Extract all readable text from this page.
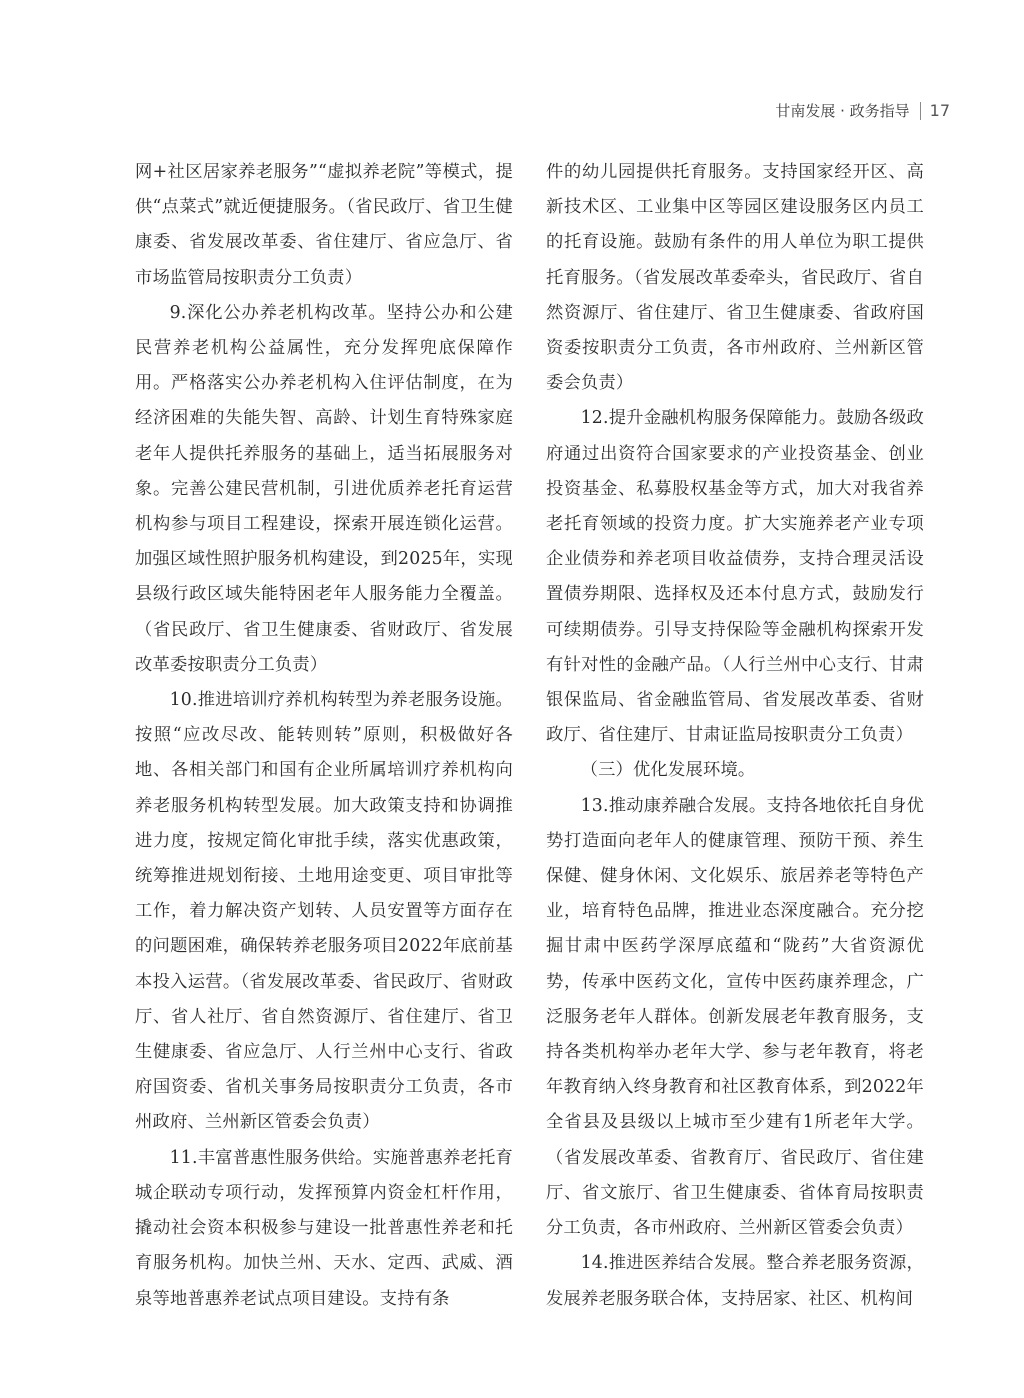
甘南发展 · 政务指导 17

网+社区居家养老服务”“虚拟养老院”等模式，提供“点菜式”就近便捷服务。（省民政厅、省卫生健康委、省发展改革委、省住建厅、省应急厅、省市场监管局按职责分工负责）

9.深化公办养老机构改革。坚持公办和公建民营养老机构公益属性，充分发挥兜底保障作用。严格落实公办养老机构入住评估制度，在为经济困难的失能失智、高龄、计划生育特殊家庭老年人提供托养服务的基础上，适当拓展服务对象。完善公建民营机制，引进优质养老托育运营机构参与项目工程建设，探索开展连锁化运营。加强区域性照护服务机构建设，到2025年，实现县级行政区域失能特困老年人服务能力全覆盖。（省民政厅、省卫生健康委、省财政厅、省发展改革委按职责分工负责）

10.推进培训疗养机构转型为养老服务设施。按照“应改尽改、能转则转”原则，积极做好各地、各相关部门和国有企业所属培训疗养机构向养老服务机构转型发展。加大政策支持和协调推进力度，按规定简化审批手续，落实优惠政策，统筹推进规划衔接、土地用途变更、项目审批等工作，着力解决资产划转、人员安置等方面存在的问题困难，确保转养老服务项目2022年底前基本投入运营。（省发展改革委、省民政厅、省财政厅、省人社厅、省自然资源厅、省住建厅、省卫生健康委、省应急厅、人行兰州中心支行、省政府国资委、省机关事务局按职责分工负责，各市州政府、兰州新区管委会负责）

11.丰富普惠性服务供给。实施普惠养老托育城企联动专项行动，发挥预算内资金杠杆作用，撬动社会资本积极参与建设一批普惠性养老和托育服务机构。加快兰州、天水、定西、武威、酒泉等地普惠养老试点项目建设。支持有条

件的幼儿园提供托育服务。支持国家经开区、高新技术区、工业集中区等园区建设服务区内员工的托育设施。鼓励有条件的用人单位为职工提供托育服务。（省发展改革委牵头，省民政厅、省自然资源厅、省住建厅、省卫生健康委、省政府国资委按职责分工负责，各市州政府、兰州新区管委会负责）

12.提升金融机构服务保障能力。鼓励各级政府通过出资符合国家要求的产业投资基金、创业投资基金、私募股权基金等方式，加大对我省养老托育领域的投资力度。扩大实施养老产业专项企业债券和养老项目收益债券，支持合理灵活设置债券期限、选择权及还本付息方式，鼓励发行可续期债券。引导支持保险等金融机构探索开发有针对性的金融产品。（人行兰州中心支行、甘肃银保监局、省金融监管局、省发展改革委、省财政厅、省住建厅、甘肃证监局按职责分工负责）

（三）优化发展环境。

13.推动康养融合发展。支持各地依托自身优势打造面向老年人的健康管理、预防干预、养生保健、健身休闲、文化娱乐、旅居养老等特色产业，培育特色品牌，推进业态深度融合。充分挖掘甘肃中医药学深厚底蕴和“陇药”大省资源优势，传承中医药文化，宣传中医药康养理念，广泛服务老年人群体。创新发展老年教育服务，支持各类机构举办老年大学、参与老年教育，将老年教育纳入终身教育和社区教育体系，到2022年全省县及县级以上城市至少建有1所老年大学。（省发展改革委、省教育厅、省民政厅、省住建厅、省文旅厅、省卫生健康委、省体育局按职责分工负责，各市州政府、兰州新区管委会负责）

14.推进医养结合发展。整合养老服务资源，发展养老服务联合体，支持居家、社区、机构间
